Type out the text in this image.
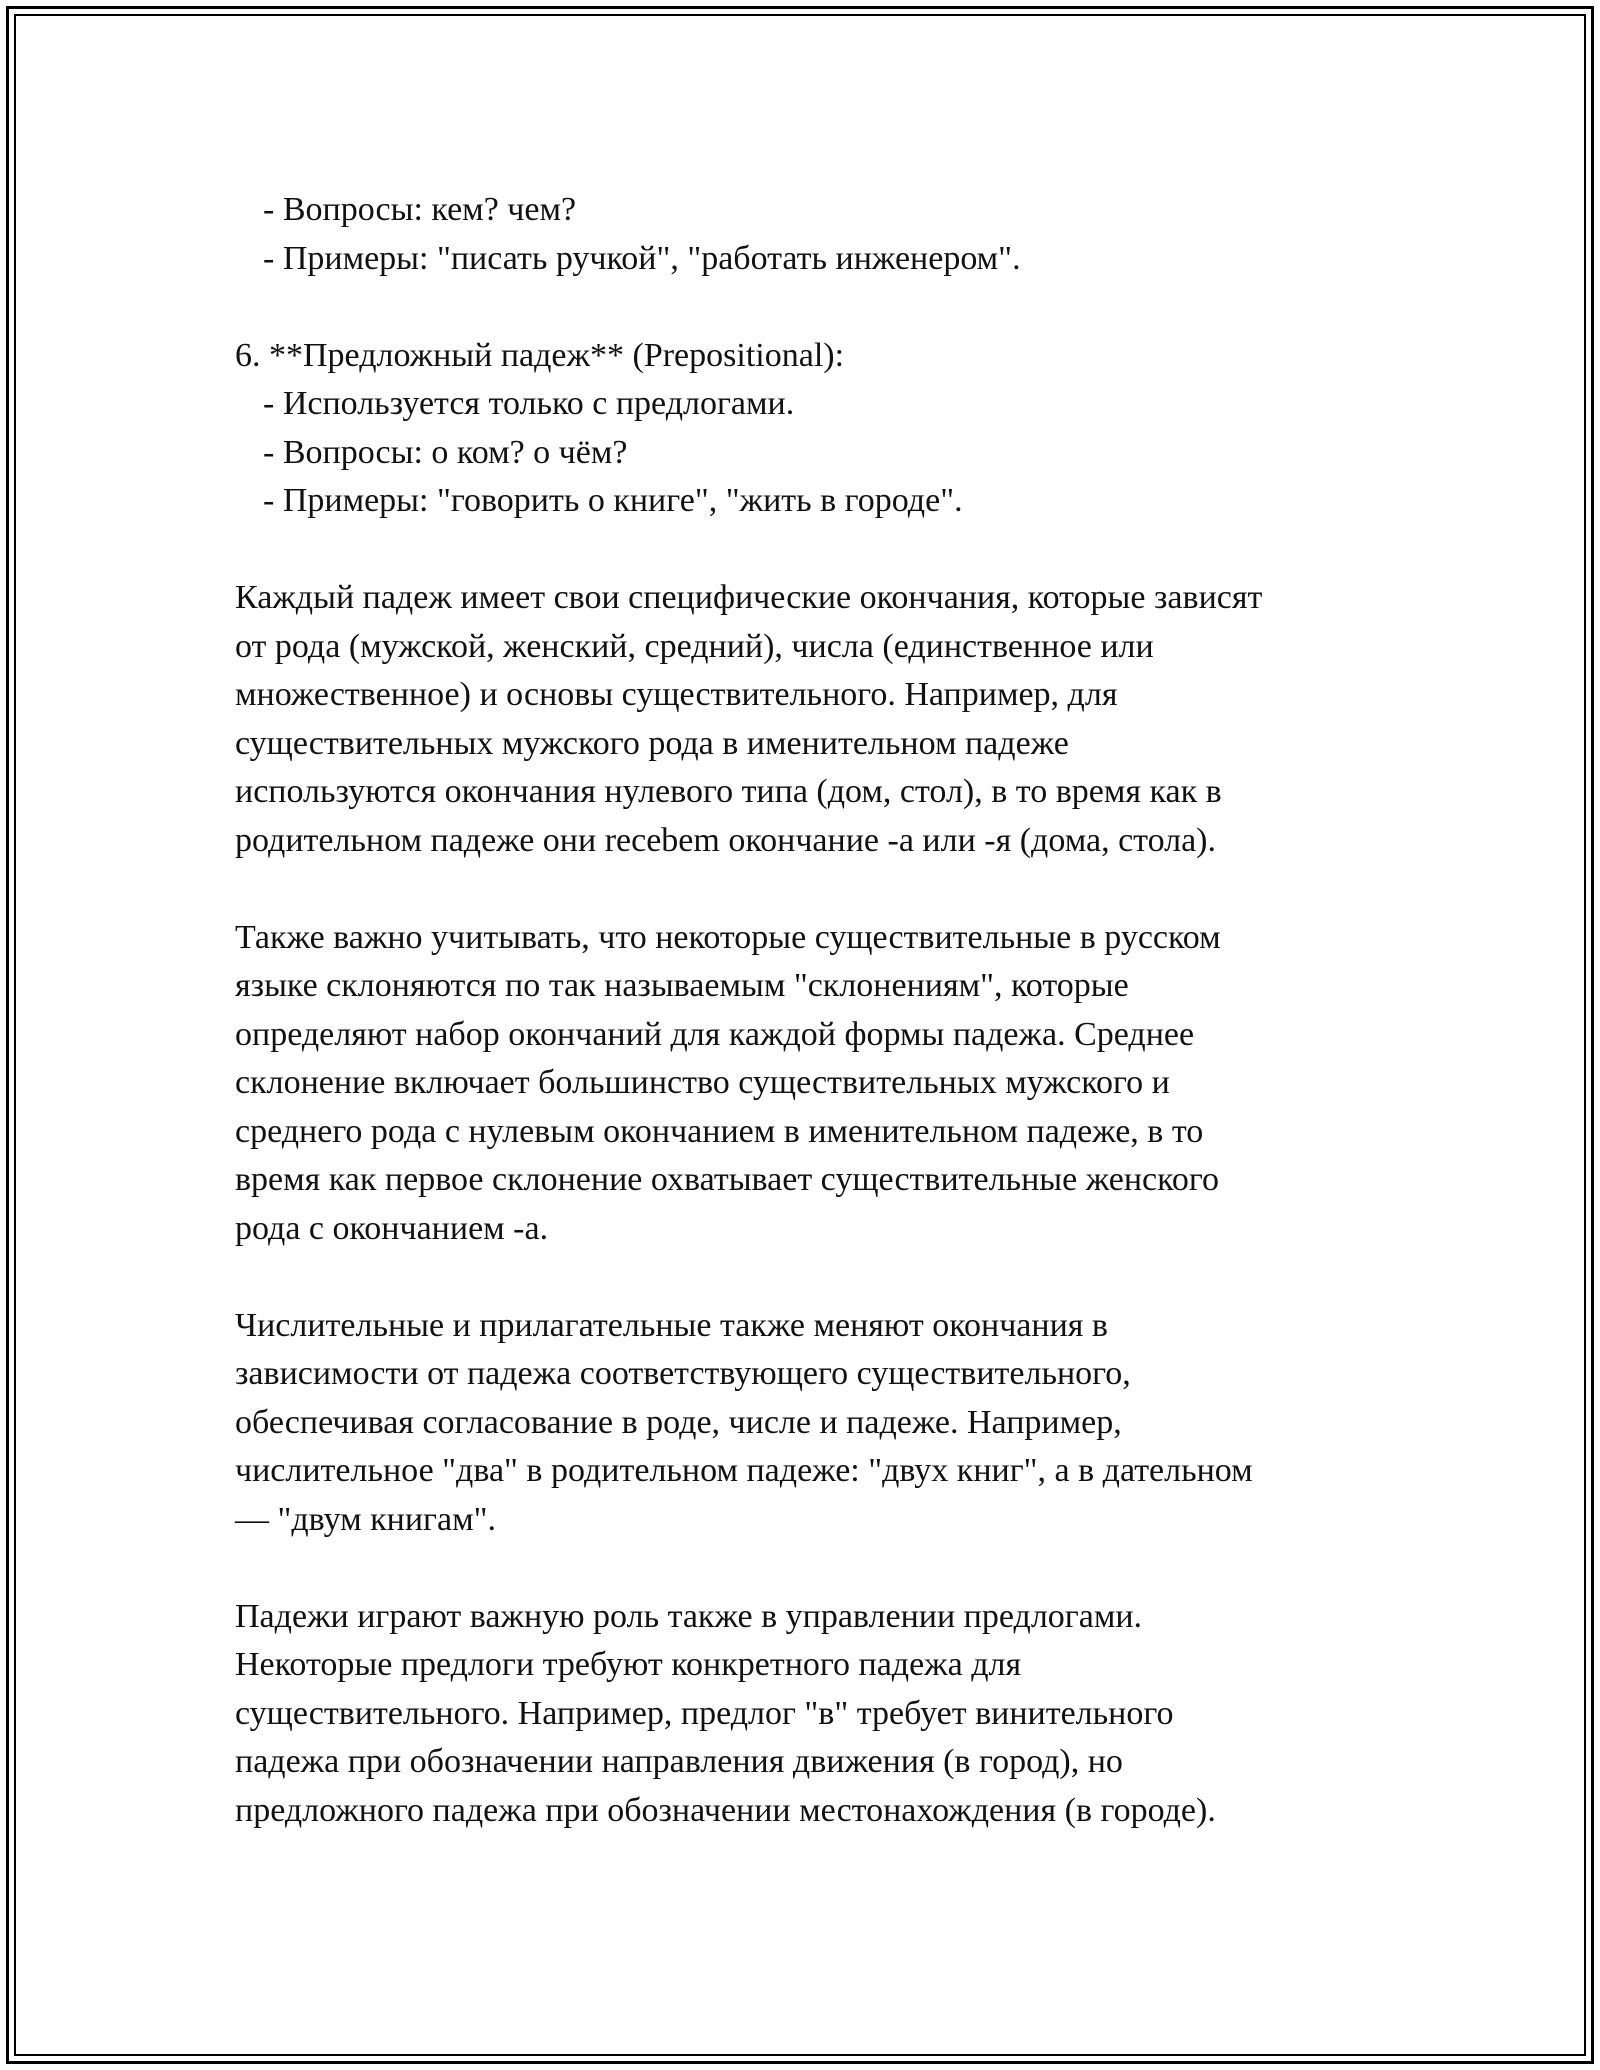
- Вопросы: кем? чем?
- Примеры: "писать ручкой", "работать инженером".
6. **Предложный падеж** (Prepositional):
- Используется только с предлогами.
- Вопросы: о ком? о чём?
- Примеры: "говорить о книге", "жить в городе".
Каждый падеж имеет свои специфические окончания, которые зависят
от рода (мужской, женский, средний), числа (единственное или
множественное) и основы существительного. Например, для
существительных мужского рода в именительном падеже
используются окончания нулевого типа (дом, стол), в то время как в
родительном падеже они recebem окончание -а или -я (дома, стола).
Также важно учитывать, что некоторые существительные в русском
языке склоняются по так называемым "склонениям", которые
определяют набор окончаний для каждой формы падежа. Среднее
склонение включает большинство существительных мужского и
среднего рода с нулевым окончанием в именительном падеже, в то
время как первое склонение охватывает существительные женского
рода с окончанием -а.
Числительные и прилагательные также меняют окончания в
зависимости от падежа соответствующего существительного,
обеспечивая согласование в роде, числе и падеже. Например,
числительное "два" в родительном падеже: "двух книг", а в дательном
— "двум книгам".
Падежи играют важную роль также в управлении предлогами.
Некоторые предлоги требуют конкретного падежа для
существительного. Например, предлог "в" требует винительного
падежа при обозначении направления движения (в город), но
предложного падежа при обозначении местонахождения (в городе).
